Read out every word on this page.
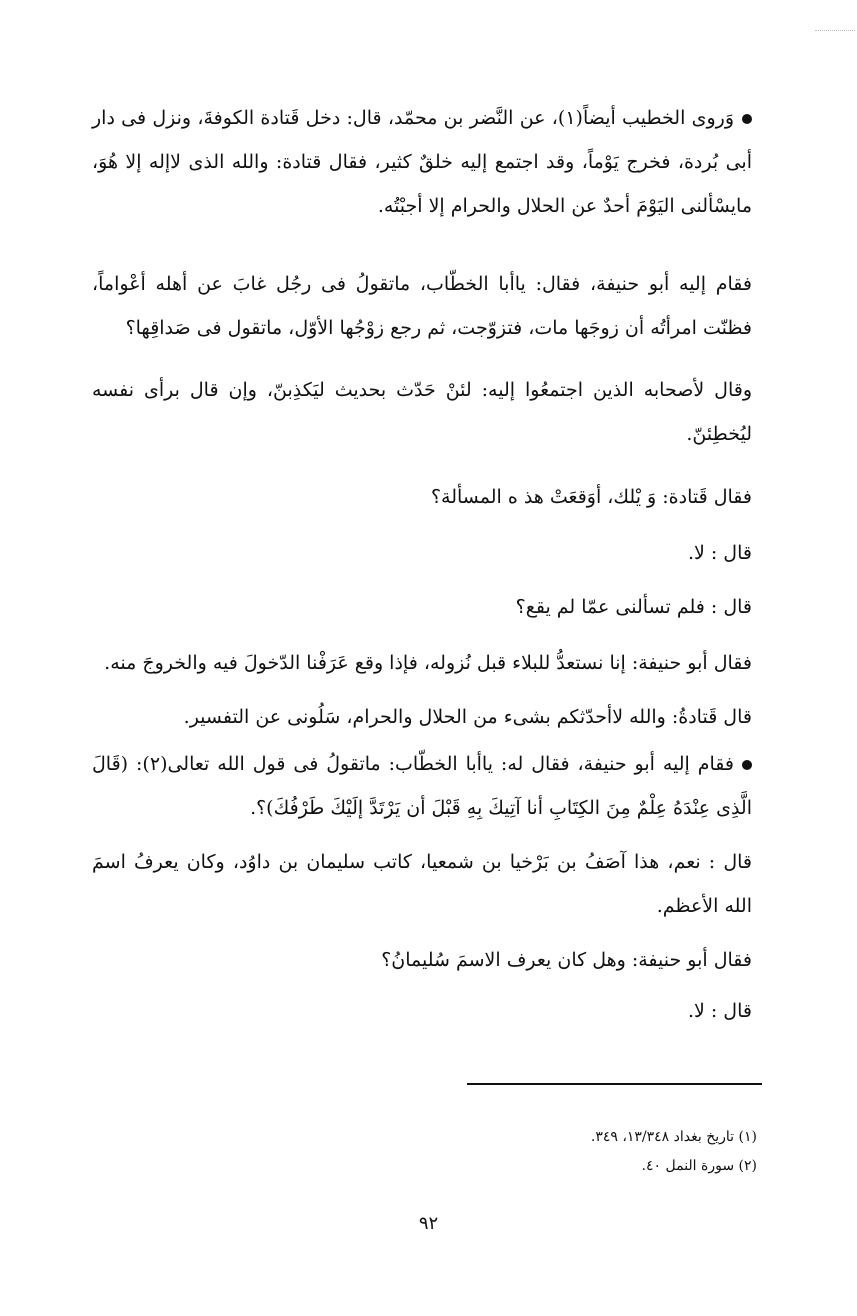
وَروى الخطيب أيضاً(١)، عن النَّضر بن محمّد، قال: دخل قَتادة الكوفةَ، ونزل فى دار أبى بُردة، فخرج يَوْماً، وقد اجتمع إليه خلقٌ كثير، فقال قتادة: والله الذى لاإله إلا هُوَ، مايسْألنى اليَوْمَ أحدٌ عن الحلال والحرام إلا أجبْتُه.

فقام إليه أبو حنيفة، فقال: ياأبا الخطّاب، ماتقولُ فى رجُل غابَ عن أهله أعْواماً، فظنّت امرأتُه أن زوجَها مات، فتزوّجت، ثم رجع زوْجُها الأوّل، ماتقول فى صَداقِها؟

وقال لأصحابه الذين اجتمعُوا إليه: لئنْ حَدّث بحديث ليَكذِبنّ، وإن قال برأى نفسه ليُخطِئنّ.

فقال قَتادة: وَ يْلك، أوَقعَتْ هذ ه المسألة؟

قال : لا.

قال : فلم تسألنى عمّا لم يقع؟

فقال أبو حنيفة: إنا نستعدُّ للبلاء قبل نُزوله، فإذا وقع عَرَفْنا الدّخولَ فيه والخروجَ منه.

قال قَتادةُ: والله لاأحدّثكم بشىء من الحلال والحرام، سَلُونى عن التفسير.

فقام إليه أبو حنيفة، فقال له: ياأبا الخطّاب: ماتقولُ فى قول الله تعالى(٢): (قَالَ الَّذِى عِنْدَهُ عِلْمٌ مِنَ الكِتَابِ أنا آتِيكَ بِهِ قَبْلَ أن يَرْتَدَّ إلَيْكَ طَرْفُكَ)؟.

قال : نعم، هذا آصَفُ بن بَرْخيا بن شمعيا، كاتب سليمان بن داوُد، وكان يعرفُ اسمَ الله الأعظم.

فقال أبو حنيفة: وهل كان يعرف الاسمَ سُليمانُ؟

قال : لا.

(١) تاريخ بغداد ١٣/٣٤٨، ٣٤٩.

(٢) سورة النمل ٤٠.

٩٢
